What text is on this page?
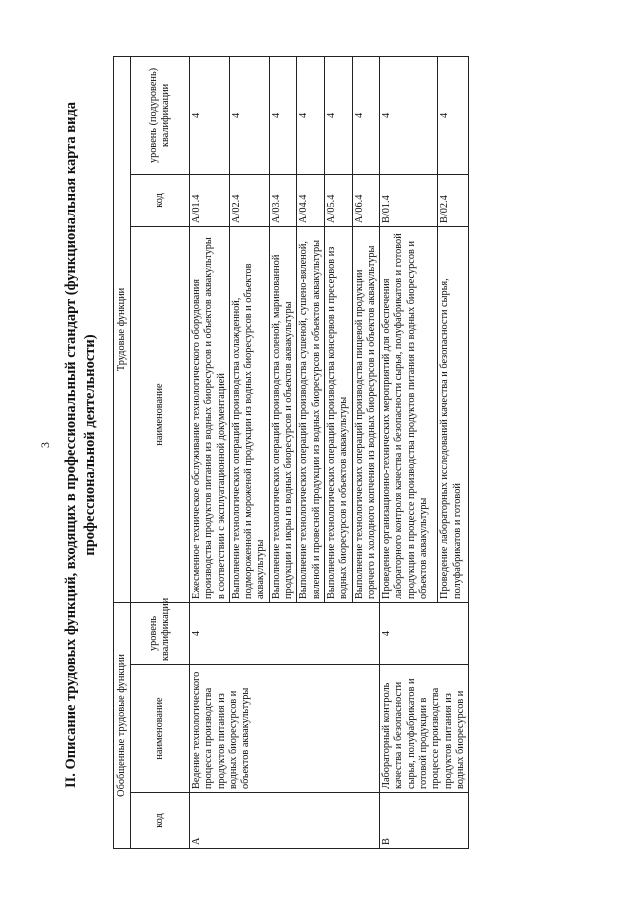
3 II. Описание трудовых функций, входящих в профессиональный стандарт (функциональная карта вида профессиональной деятельности)
Обобщенные трудовые функции			Трудовые функции		
код	наименование	уровень квалификации	наименование	код	уровень (подуровень) квалификации
A	Ведение технологического процесса производства продуктов питания из водных биоресурсов и объектов аквакультуры	4	Ежесменное техническое обслуживание технологического оборудования производства продуктов питания из водных биоресурсов и объектов аквакультуры в соответствии с эксплуатационной документацией	A/01.4	4
			Выполнение технологических операций производства охлажденной, подмороженной и мороженой продукции из водных биоресурсов и объектов аквакультуры	A/02.4	4
			Выполнение технологических операций производства соленой, маринованной продукции и икры из водных биоресурсов и объектов аквакультуры	A/03.4	4
			Выполнение технологических операций производства сушеной, сушено-вяленой, вяленой и провесной продукции из водных биоресурсов и объектов аквакультуры	A/04.4	4
			Выполнение технологических операций производства консервов и пресервов из водных биоресурсов и объектов аквакультуры	A/05.4	4
			Выполнение технологических операций производства пищевой продукции горячего и холодного копчения из водных биоресурсов и объектов аквакультуры	A/06.4	4
B	Лабораторный контроль качества и безопасности сырья, полуфабрикатов и готовой продукции в процессе производства продуктов питания из водных биоресурсов и	4	Проведение организационно-технических мероприятий для обеспечения лабораторного контроля качества и безопасности сырья, полуфабрикатов и готовой продукции в процессе производства продуктов питания из водных биоресурсов и объектов аквакультуры	B/01.4	4
			Проведение лабораторных исследований качества и безопасности сырья, полуфабрикатов и готовой	B/02.4	4
